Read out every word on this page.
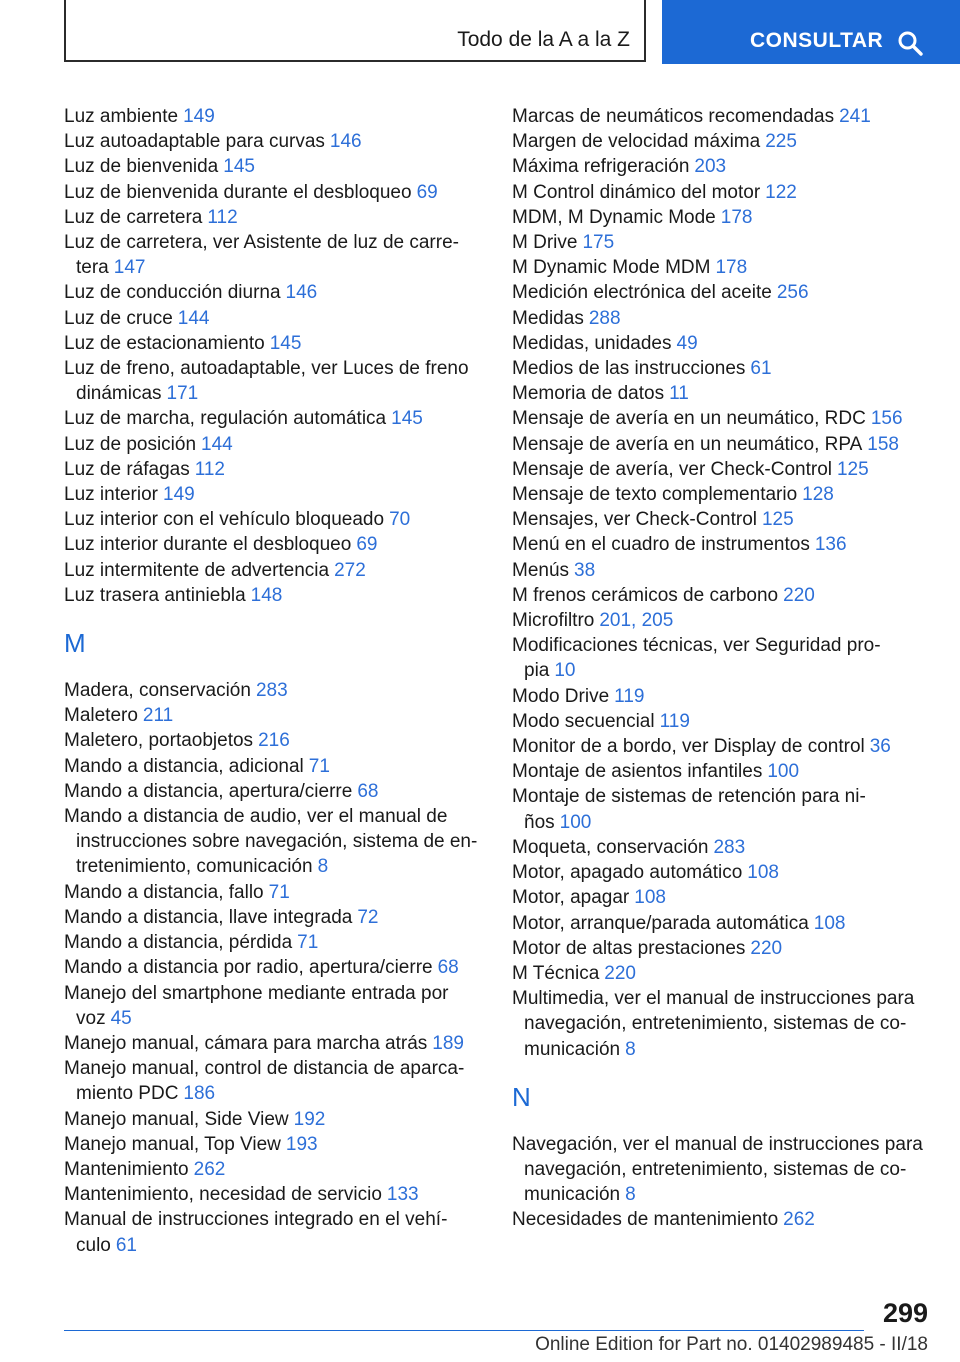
Todo de la A a la Z	CONSULTAR
Luz ambiente 149
Luz autoadaptable para curvas 146
Luz de bienvenida 145
Luz de bienvenida durante el desbloqueo 69
Luz de carretera 112
Luz de carretera, ver Asistente de luz de carre‐tera 147
Luz de conducción diurna 146
Luz de cruce 144
Luz de estacionamiento 145
Luz de freno, autoadaptable, ver Luces de freno dinámicas 171
Luz de marcha, regulación automática 145
Luz de posición 144
Luz de ráfagas 112
Luz interior 149
Luz interior con el vehículo bloqueado 70
Luz interior durante el desbloqueo 69
Luz intermitente de advertencia 272
Luz trasera antiniebla 148
M
Madera, conservación 283
Maletero 211
Maletero, portaobjetos 216
Mando a distancia, adicional 71
Mando a distancia, apertura/cierre 68
Mando a distancia de audio, ver el manual de instrucciones sobre navegación, sistema de en‐tretenimiento, comunicación 8
Mando a distancia, fallo 71
Mando a distancia, llave integrada 72
Mando a distancia, pérdida 71
Mando a distancia por radio, apertura/cierre 68
Manejo del smartphone mediante entrada por voz 45
Manejo manual, cámara para marcha atrás 189
Manejo manual, control de distancia de aparca‐miento PDC 186
Manejo manual, Side View 192
Manejo manual, Top View 193
Mantenimiento 262
Mantenimiento, necesidad de servicio 133
Manual de instrucciones integrado en el vehí‐culo 61
Marcas de neumáticos recomendadas 241
Margen de velocidad máxima 225
Máxima refrigeración 203
M Control dinámico del motor 122
MDM, M Dynamic Mode 178
M Drive 175
M Dynamic Mode MDM 178
Medición electrónica del aceite 256
Medidas 288
Medidas, unidades 49
Medios de las instrucciones 61
Memoria de datos 11
Mensaje de avería en un neumático, RDC 156
Mensaje de avería en un neumático, RPA 158
Mensaje de avería, ver Check-Control 125
Mensaje de texto complementario 128
Mensajes, ver Check-Control 125
Menú en el cuadro de instrumentos 136
Menús 38
M frenos cerámicos de carbono 220
Microfiltro 201, 205
Modificaciones técnicas, ver Seguridad pro‐pia 10
Modo Drive 119
Modo secuencial 119
Monitor de a bordo, ver Display de control 36
Montaje de asientos infantiles 100
Montaje de sistemas de retención para ni‐ños 100
Moqueta, conservación 283
Motor, apagado automático 108
Motor, apagar 108
Motor, arranque/parada automática 108
Motor de altas prestaciones 220
M Técnica 220
Multimedia, ver el manual de instrucciones para navegación, entretenimiento, sistemas de co‐municación 8
N
Navegación, ver el manual de instrucciones para navegación, entretenimiento, sistemas de co‐municación 8
Necesidades de mantenimiento 262
299
Online Edition for Part no. 01402989485 - II/18
